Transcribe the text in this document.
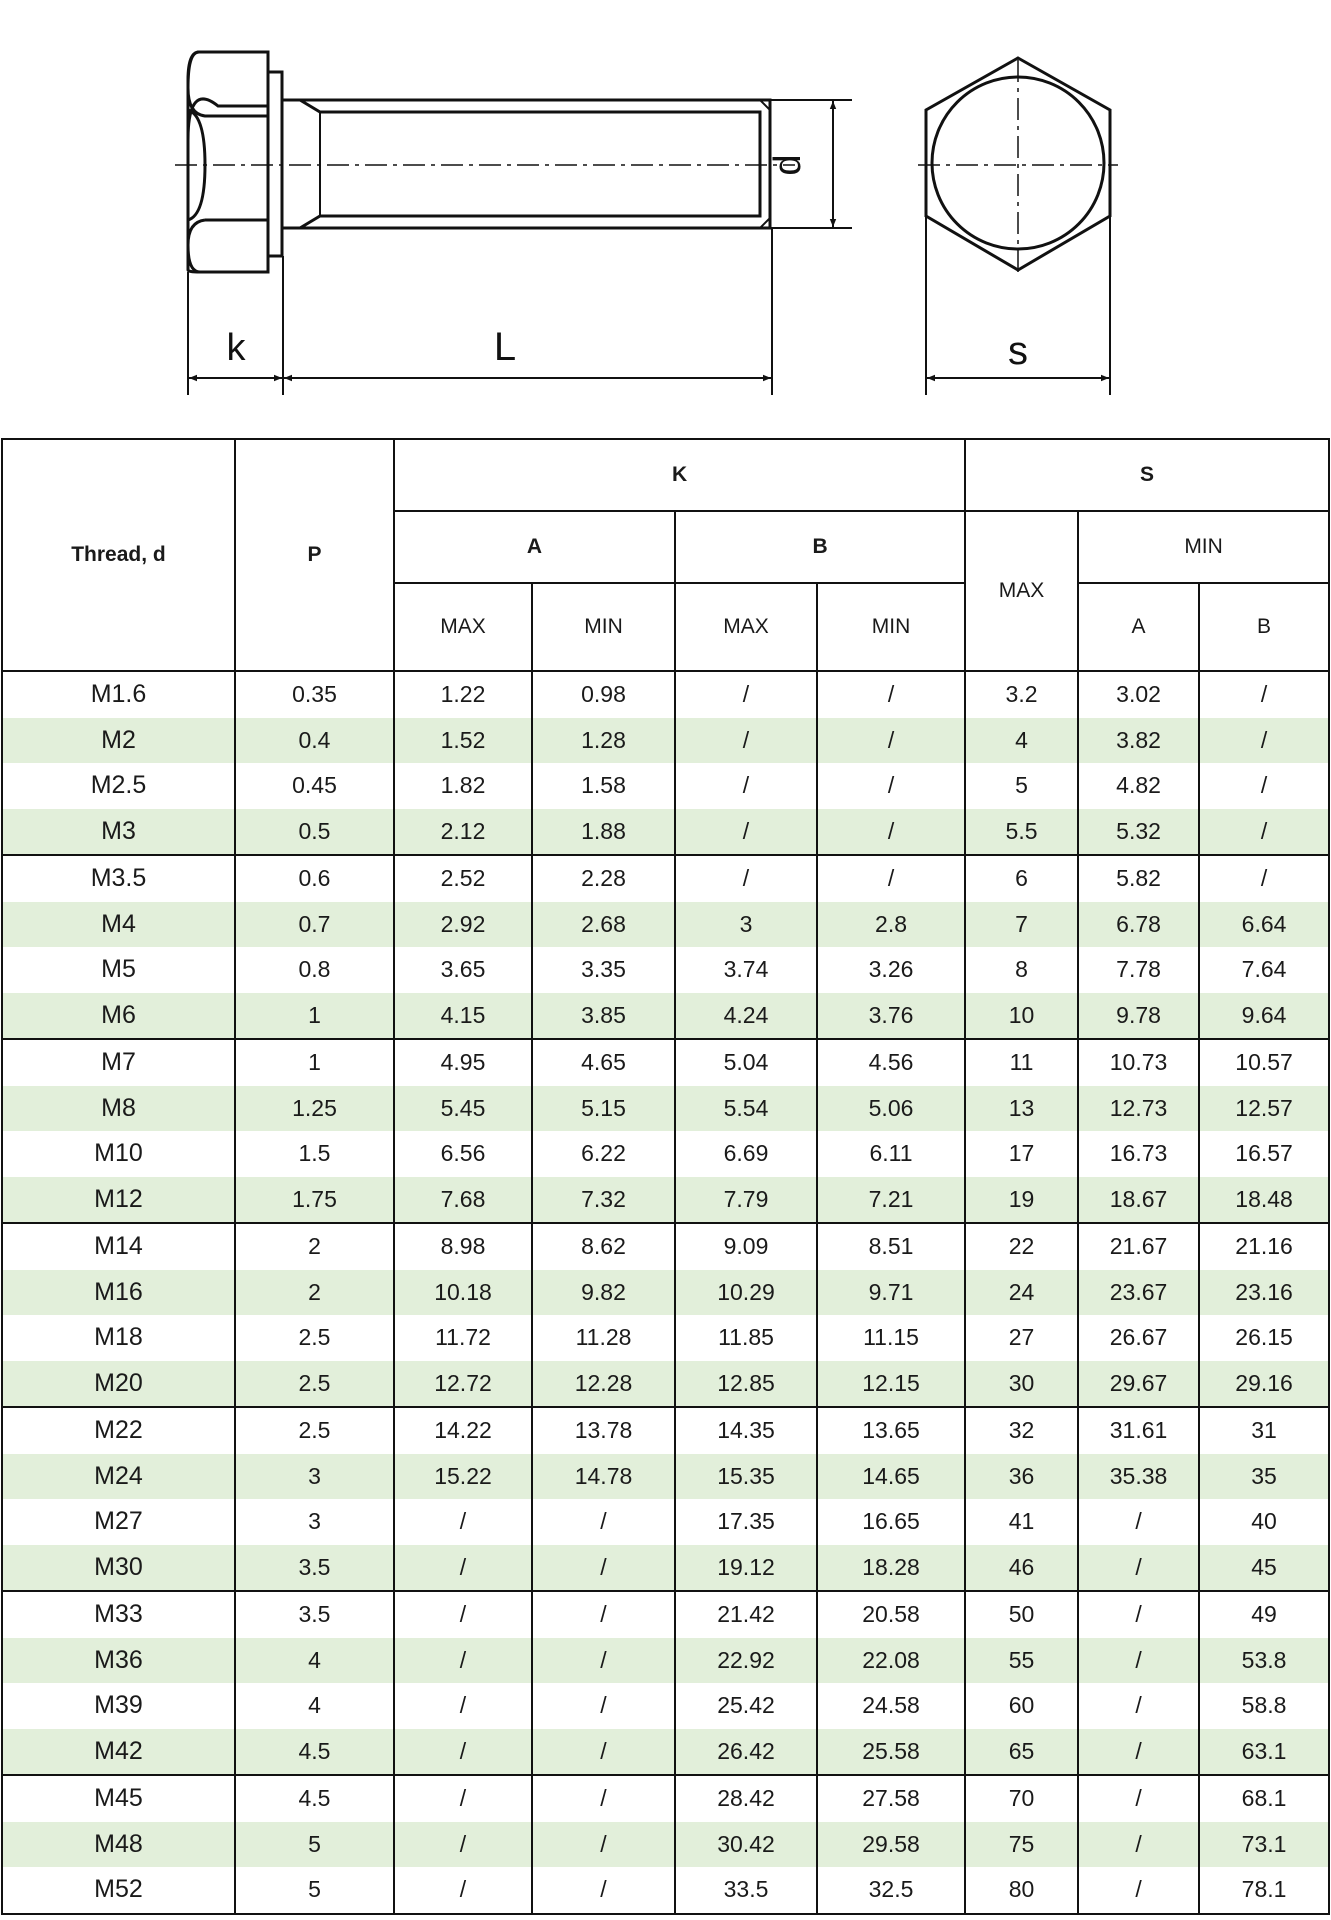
k	L	s
d
Thread, d	P	K				S		
		A		B		MAX	MIN	
		MAX	MIN	MAX	MIN		A	B
M1.6	0.35	1.22	0.98	/	/	3.2	3.02	/
M2	0.4	1.52	1.28	/	/	4	3.82	/
M2.5	0.45	1.82	1.58	/	/	5	4.82	/
M3	0.5	2.12	1.88	/	/	5.5	5.32	/
M3.5	0.6	2.52	2.28	/	/	6	5.82	/
M4	0.7	2.92	2.68	3	2.8	7	6.78	6.64
M5	0.8	3.65	3.35	3.74	3.26	8	7.78	7.64
M6	1	4.15	3.85	4.24	3.76	10	9.78	9.64
M7	1	4.95	4.65	5.04	4.56	11	10.73	10.57
M8	1.25	5.45	5.15	5.54	5.06	13	12.73	12.57
M10	1.5	6.56	6.22	6.69	6.11	17	16.73	16.57
M12	1.75	7.68	7.32	7.79	7.21	19	18.67	18.48
M14	2	8.98	8.62	9.09	8.51	22	21.67	21.16
M16	2	10.18	9.82	10.29	9.71	24	23.67	23.16
M18	2.5	11.72	11.28	11.85	11.15	27	26.67	26.15
M20	2.5	12.72	12.28	12.85	12.15	30	29.67	29.16
M22	2.5	14.22	13.78	14.35	13.65	32	31.61	31
M24	3	15.22	14.78	15.35	14.65	36	35.38	35
M27	3	/	/	17.35	16.65	41	/	40
M30	3.5	/	/	19.12	18.28	46	/	45
M33	3.5	/	/	21.42	20.58	50	/	49
M36	4	/	/	22.92	22.08	55	/	53.8
M39	4	/	/	25.42	24.58	60	/	58.8
M42	4.5	/	/	26.42	25.58	65	/	63.1
M45	4.5	/	/	28.42	27.58	70	/	68.1
M48	5	/	/	30.42	29.58	75	/	73.1
M52	5	/	/	33.5	32.5	80	/	78.1
